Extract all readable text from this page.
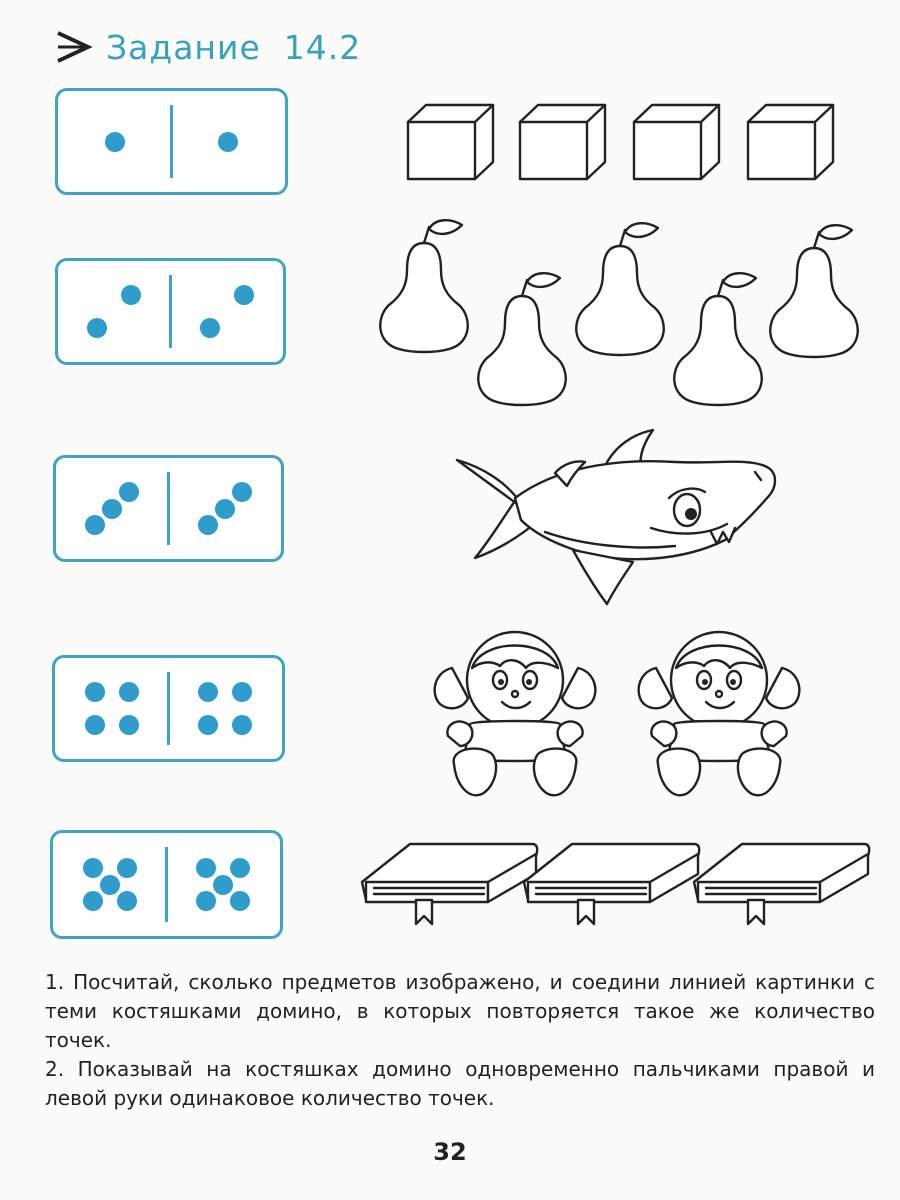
Задание 14.2

1. Посчитай, сколько предметов изображено, и соедини линией картинки с теми костяшками домино, в которых повторяется такое же количество точек.

2. Показывай на костяшках домино одновременно пальчиками правой и левой руки одинаковое количество точек.

32
